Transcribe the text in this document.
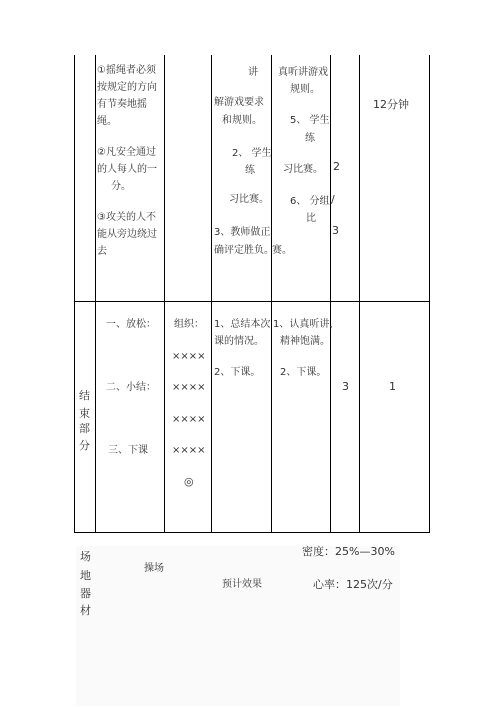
①摇绳者必须
按规定的方向
有节奏地摇绳。
②凡安全通过
的人每人的一
分。
③攻关的人不
能从旁边绕过
去
讲
解游戏要求
和规则。
2、 学生
练
习比赛。
3、教师做正
确评定胜负。
真听讲游戏
规则。
5、 学生
练
习比赛。
6、 分组
比
赛。
2
/
3
12分钟
结
束
部
分
一、放松：
二、小结：
三、下课
组织：
××××
××××
××××
××××
◎
1、总结本次
课的情况。
2、下课。
1、认真听讲，
精神饱满。
2、下课。
3	1
场
地
器
材
操场
预计效果
密度：25%—30%
心率：125次/分
